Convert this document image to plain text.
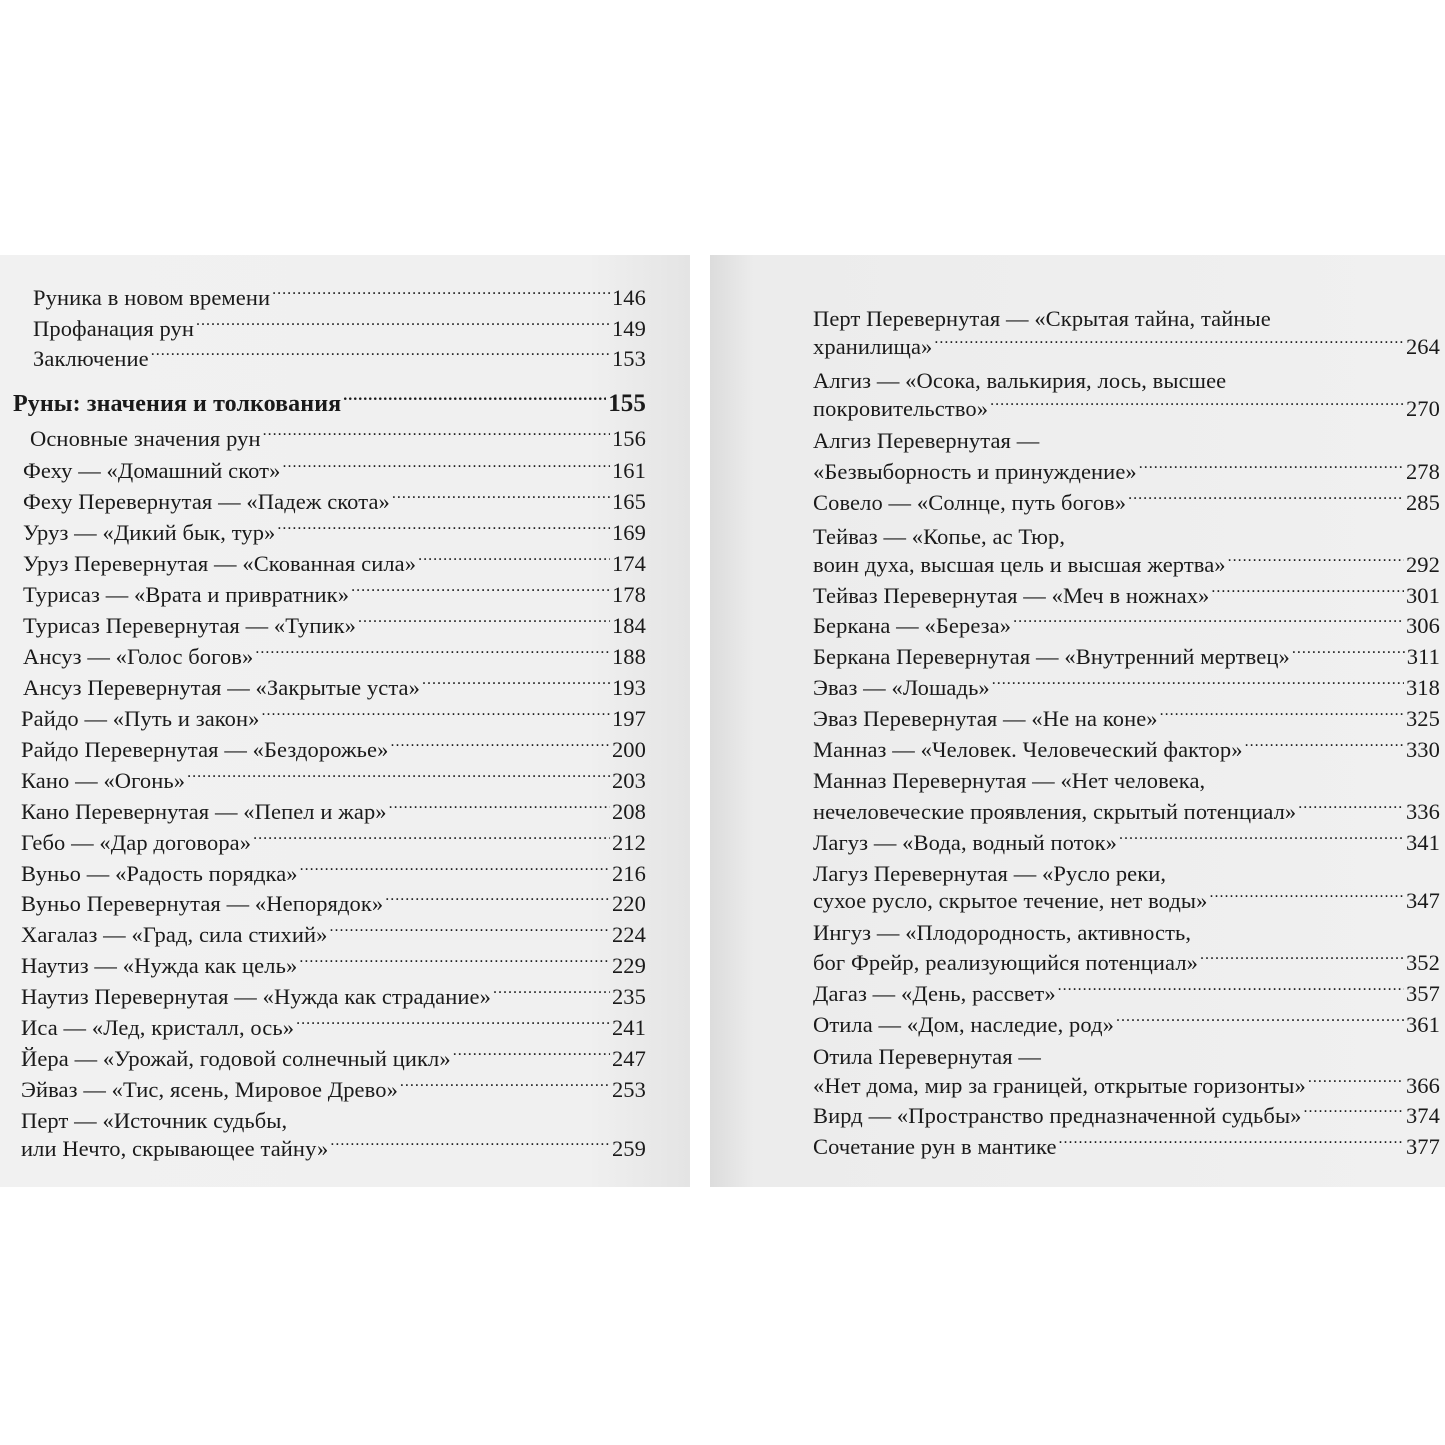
Руника в новом времени .....	146
Профанация рун .....	149
Заключение .....	153
Руны: значения и толкования .....	155
Основные значения рун .....	156
Феху — «Домашний скот» .....	161
Феху Перевернутая — «Падеж скота» .....	165
Уруз — «Дикий бык, тур» .....	169
Уруз Перевернутая — «Скованная сила» .....	174
Турисаз — «Врата и привратник» .....	178
Турисаз Перевернутая — «Тупик» .....	184
Ансуз — «Голос богов» .....	188
Ансуз Перевернутая — «Закрытые уста» .....	193
Райдо — «Путь и закон» .....	197
Райдо Перевернутая — «Бездорожье» .....	200
Кано — «Огонь» .....	203
Кано Перевернутая — «Пепел и жар» .....	208
Гебо — «Дар договора» .....	212
Вуньо — «Радость порядка» .....	216
Вуньо Перевернутая — «Непорядок» .....	220
Хагалаз — «Град, сила стихий» .....	224
Наутиз — «Нужда как цель» .....	229
Наутиз Перевернутая — «Нужда как страдание» .....	235
Иса — «Лед, кристалл, ось» .....	241
Йера — «Урожай, годовой солнечный цикл» .....	247
Эйваз — «Тис, ясень, Мировое Древо» .....	253
Перт — «Источник судьбы,
или Нечто, скрывающее тайну» .....	259
Перт Перевернутая — «Скрытая тайна, тайные
хранилища» .....	264
Алгиз — «Осока, валькирия, лось, высшее
покровительство» .....	270
Алгиз Перевернутая —
«Безвыборность и принуждение» .....	278
Совело — «Солнце, путь богов» .....	285
Тейваз — «Копье, ас Тюр,
воин духа, высшая цель и высшая жертва» .....	292
Тейваз Перевернутая — «Меч в ножнах» .....	301
Беркана — «Береза» .....	306
Беркана Перевернутая — «Внутренний мертвец» .....	311
Эваз — «Лошадь» .....	318
Эваз Перевернутая — «Не на коне» .....	325
Манназ — «Человек. Человеческий фактор» .....	330
Манназ Перевернутая — «Нет человека,
нечеловеческие проявления, скрытый потенциал» .....	336
Лагуз — «Вода, водный поток» .....	341
Лагуз Перевернутая — «Русло реки,
сухое русло, скрытое течение, нет воды» .....	347
Ингуз — «Плодородность, активность,
бог Фрейр, реализующийся потенциал» .....	352
Дагаз — «День, рассвет» .....	357
Отила — «Дом, наследие, род» .....	361
Отила Перевернутая —
«Нет дома, мир за границей, открытые горизонты» .....	366
Вирд — «Пространство предназначенной судьбы» .....	374
Сочетание рун в мантике .....	377
